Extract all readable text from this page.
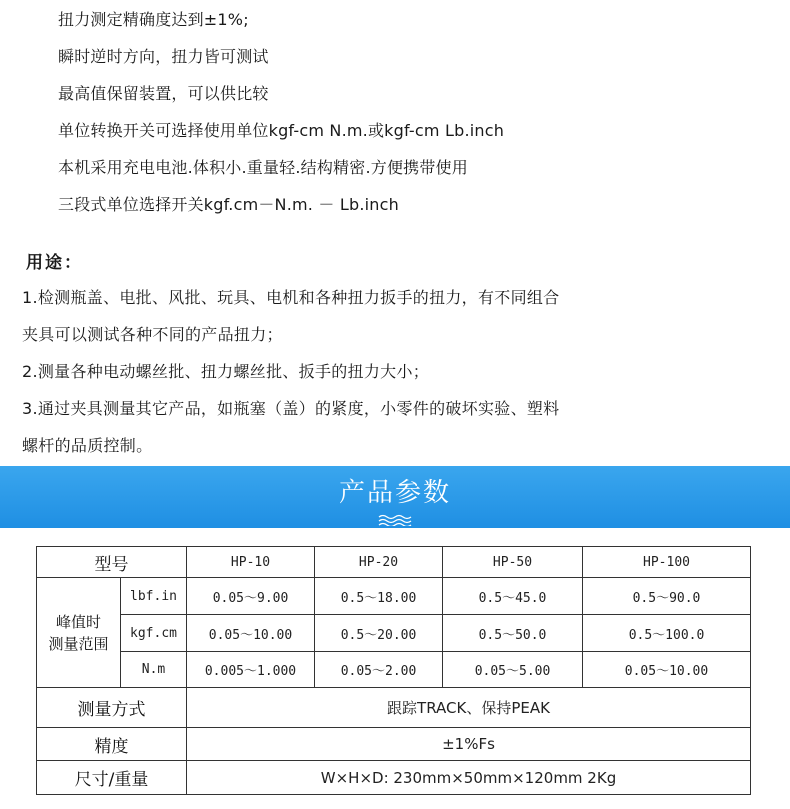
扭力测定精确度达到±1%;
瞬时逆时方向，扭力皆可测试
最高值保留装置，可以供比较
单位转换开关可选择使用单位kgf-cm N.m.或kgf-cm Lb.inch
本机采用充电电池.体积小.重量轻.结构精密.方便携带使用
三段式单位选择开关kgf.cm－N.m. － Lb.inch
用途：
1.检测瓶盖、电批、风批、玩具、电机和各种扭力扳手的扭力，有不同组合
夹具可以测试各种不同的产品扭力；
2.测量各种电动螺丝批、扭力螺丝批、扳手的扭力大小；
3.通过夹具测量其它产品，如瓶塞（盖）的紧度，小零件的破坏实验、塑料
螺杆的品质控制。
产品参数
型号		HP-10	HP-20	HP-50	HP-100
峰值时
测量范围	lbf.in	0.05～9.00	0.5～18.00	0.5～45.0	0.5～90.0
	kgf.cm	0.05～10.00	0.5～20.00	0.5～50.0	0.5～100.0
	N.m	0.005～1.000	0.05～2.00	0.05～5.00	0.05～10.00
测量方式		跟踪TRACK、保持PEAK			
精度		±1%Fs			
尺寸/重量		W×H×D: 230mm×50mm×120mm 2Kg			
